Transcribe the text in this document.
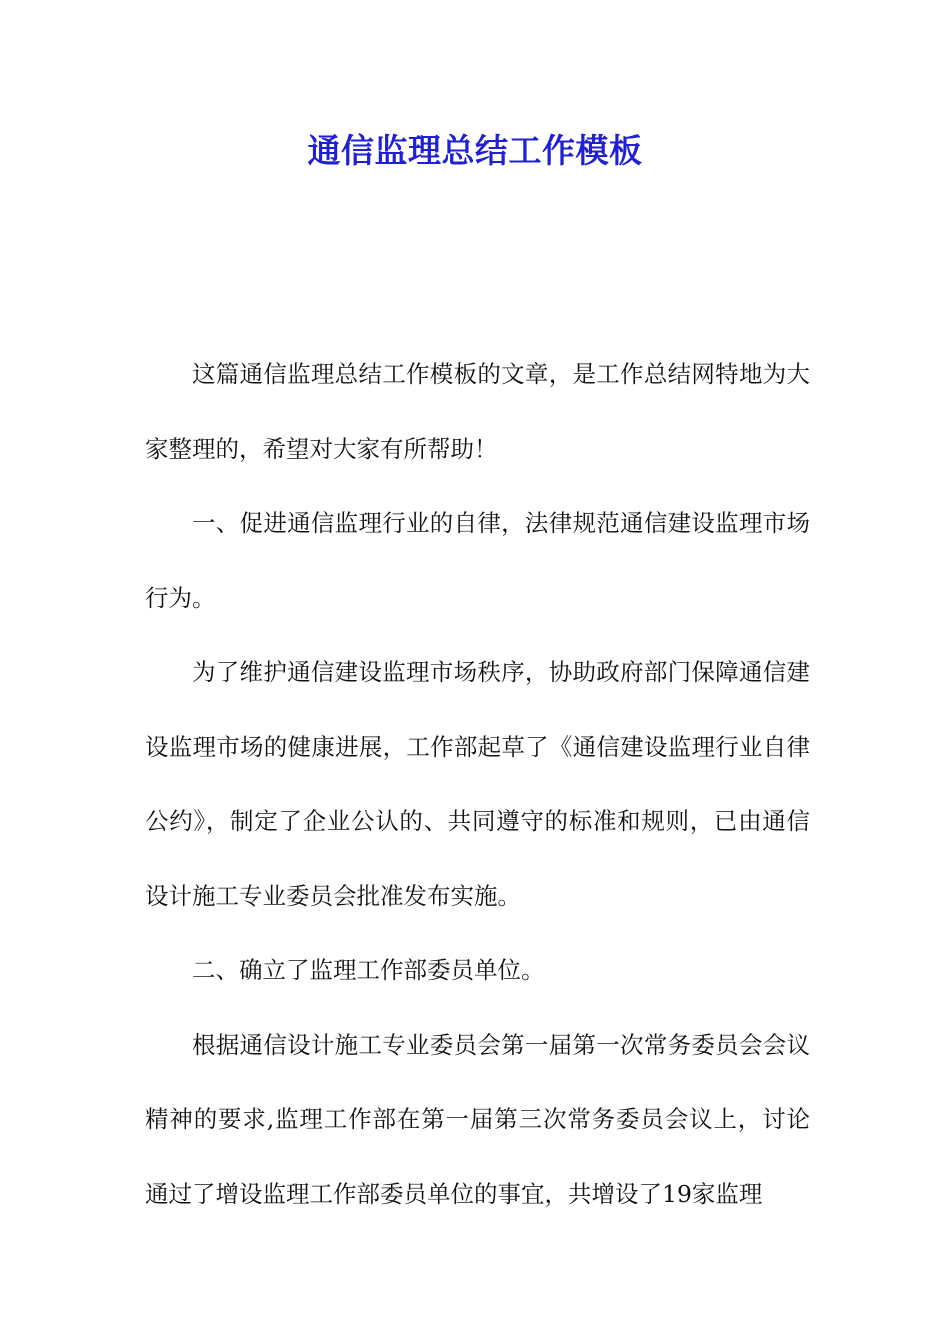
通信监理总结工作模板

这篇通信监理总结工作模板的文章，是工作总结网特地为大家整理的，希望对大家有所帮助！

一、促进通信监理行业的自律，法律规范通信建设监理市场行为。

为了维护通信建设监理市场秩序，协助政府部门保障通信建设监理市场的健康进展，工作部起草了《通信建设监理行业自律公约》，制定了企业公认的、共同遵守的标准和规则，已由通信设计施工专业委员会批准发布实施。

二、确立了监理工作部委员单位。

根据通信设计施工专业委员会第一届第一次常务委员会会议精神的要求,监理工作部在第一届第三次常务委员会议上，讨论通过了增设监理工作部委员单位的事宜，共增设了19家监理
